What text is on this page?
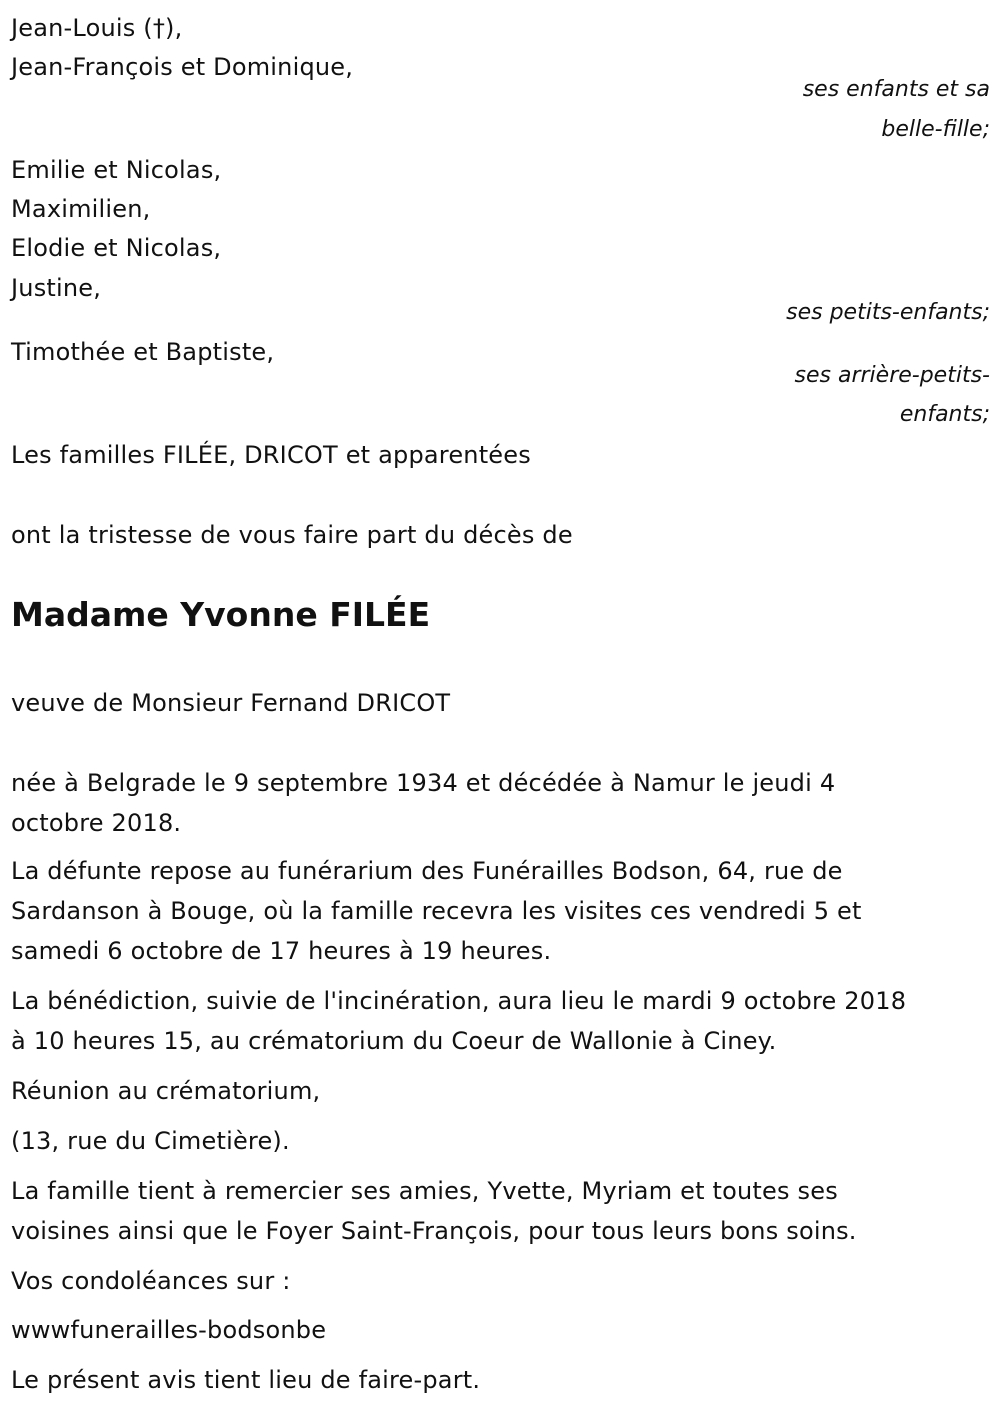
Jean-Louis (†),
Jean-François et Dominique,
ses enfants et sa
belle-fille;
Emilie et Nicolas,
Maximilien,
Elodie et Nicolas,
Justine,
ses petits-enfants;
Timothée et Baptiste,
ses arrière-petits-
enfants;
Les familles FILÉE, DRICOT et apparentées
ont la tristesse de vous faire part du décès de
Madame Yvonne FILÉE
veuve de Monsieur Fernand DRICOT
née à Belgrade le 9 septembre 1934 et décédée à Namur le jeudi 4
octobre 2018.
La défunte repose au funérarium des Funérailles Bodson, 64, rue de
Sardanson à Bouge, où la famille recevra les visites ces vendredi 5 et
samedi 6 octobre de 17 heures à 19 heures.
La bénédiction, suivie de l'incinération, aura lieu le mardi 9 octobre 2018
à 10 heures 15, au crématorium du Coeur de Wallonie à Ciney.
Réunion au crématorium,
(13, rue du Cimetière).
La famille tient à remercier ses amies, Yvette, Myriam et toutes ses
voisines ainsi que le Foyer Saint-François, pour tous leurs bons soins.
Vos condoléances sur :
wwwfunerailles-bodsonbe
Le présent avis tient lieu de faire-part.
